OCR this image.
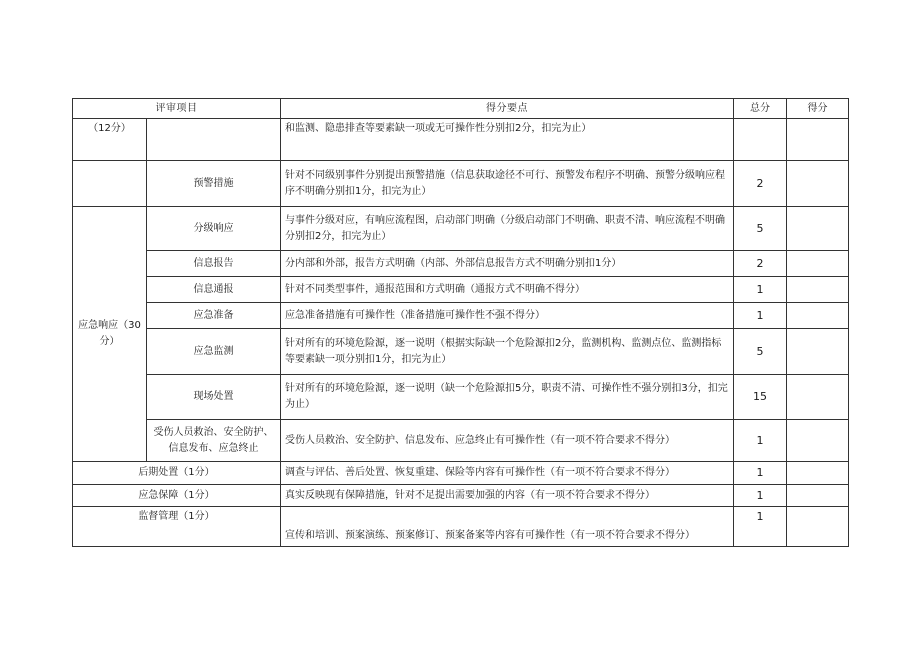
评审项目		得分要点	总分	得分
（12分）		和监测、隐患排查等要素缺一项或无可操作性分别扣2分，扣完为止）		
	预警措施	针对不同级别事件分别提出预警措施（信息获取途径不可行、预警发布程序不明确、预警分级响应程序不明确分别扣1分，扣完为止）	2	
应急响应（30分）	分级响应	与事件分级对应，有响应流程图，启动部门明确（分级启动部门不明确、职责不清、响应流程不明确分别扣2分，扣完为止）	5	
	信息报告	分内部和外部，报告方式明确（内部、外部信息报告方式不明确分别扣1分）	2	
	信息通报	针对不同类型事件，通报范围和方式明确（通报方式不明确不得分）	1	
	应急准备	应急准备措施有可操作性（准备措施可操作性不强不得分）	1	
	应急监测	针对所有的环境危险源，逐一说明（根据实际缺一个危险源扣2分，监测机构、监测点位、监测指标等要素缺一项分别扣1分，扣完为止）	5	
	现场处置	针对所有的环境危险源，逐一说明（缺一个危险源扣5分，职责不清、可操作性不强分别扣3分，扣完为止）	15	
	受伤人员救治、安全防护、信息发布、应急终止	受伤人员救治、安全防护、信息发布、应急终止有可操作性（有一项不符合要求不得分）	1	
后期处置（1分）		调查与评估、善后处置、恢复重建、保险等内容有可操作性（有一项不符合要求不得分）	1	
应急保障（1分）		真实反映现有保障措施，针对不足提出需要加强的内容（有一项不符合要求不得分）	1	
监督管理（1分）		宣传和培训、预案演练、预案修订、预案备案等内容有可操作性（有一项不符合要求不得分）	1	
